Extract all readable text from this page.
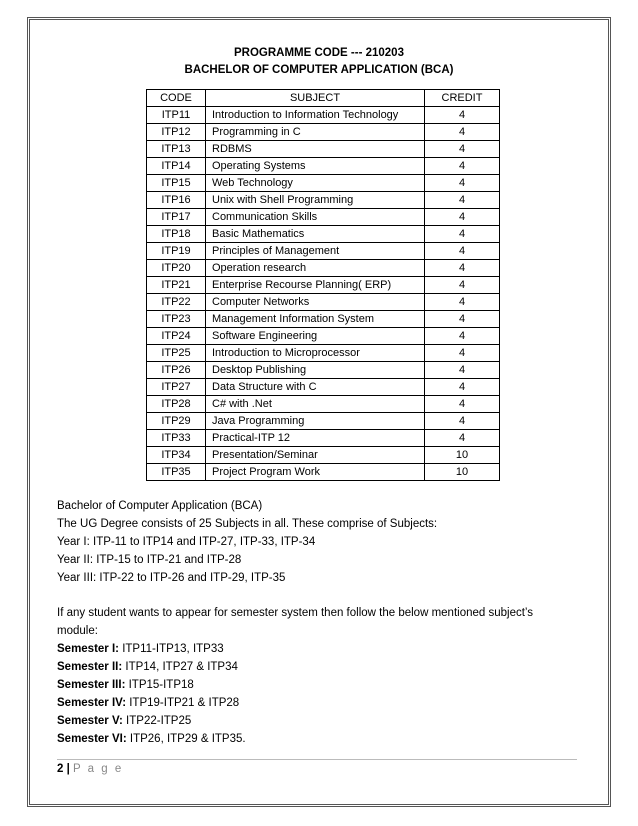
PROGRAMME CODE --- 210203
BACHELOR OF COMPUTER APPLICATION (BCA)
CODE	SUBJECT	CREDIT
ITP11	Introduction to Information Technology	4
ITP12	Programming in C	4
ITP13	RDBMS	4
ITP14	Operating Systems	4
ITP15	Web Technology	4
ITP16	Unix with Shell Programming	4
ITP17	Communication Skills	4
ITP18	Basic Mathematics	4
ITP19	Principles of Management	4
ITP20	Operation research	4
ITP21	Enterprise Recourse Planning( ERP)	4
ITP22	Computer Networks	4
ITP23	Management Information System	4
ITP24	Software Engineering	4
ITP25	Introduction to Microprocessor	4
ITP26	Desktop Publishing	4
ITP27	Data Structure with C	4
ITP28	C# with .Net	4
ITP29	Java Programming	4
ITP33	Practical-ITP 12	4
ITP34	Presentation/Seminar	10
ITP35	Project Program Work	10

Bachelor of Computer Application (BCA)

The UG Degree consists of 25 Subjects in all. These comprise of Subjects:

Year I: ITP-11 to ITP14 and ITP-27, ITP-33, ITP-34

Year II: ITP-15 to ITP-21 and ITP-28

Year III: ITP-22 to ITP-26 and ITP-29, ITP-35

If any student wants to appear for semester system then follow the below mentioned subject’s module:

Semester I: ITP11-ITP13, ITP33

Semester II: ITP14, ITP27 & ITP34

Semester III: ITP15-ITP18

Semester IV: ITP19-ITP21 & ITP28

Semester V: ITP22-ITP25

Semester VI: ITP26, ITP29 & ITP35.

2 | P a g e
